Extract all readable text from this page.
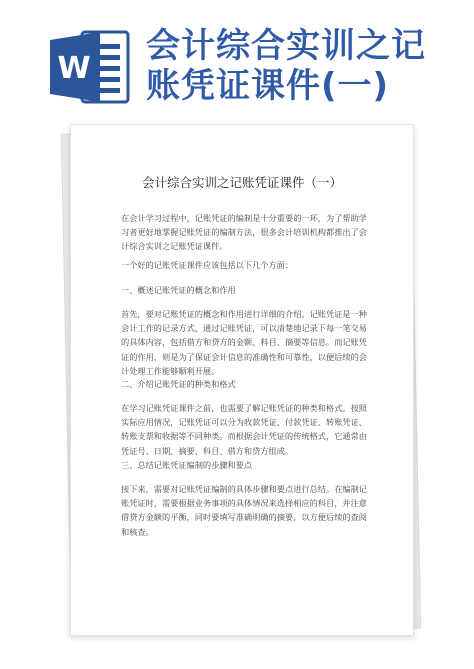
W
会计综合实训之记
账凭证课件(一)
会计综合实训之记账凭证课件（一）
在会计学习过程中，记账凭证的编制是十分重要的一环，为了帮助学习者更好地掌握记账凭证的编制方法，很多会计培训机构都推出了会计综合实训之记账凭证课件。
一个好的记账凭证课件应该包括以下几个方面：
一、概述记账凭证的概念和作用
首先，要对记账凭证的概念和作用进行详细的介绍。记账凭证是一种会计工作的记录方式，通过记账凭证，可以清楚地记录下每一笔交易的具体内容，包括借方和贷方的金额、科目、摘要等信息。而记账凭证的作用，则是为了保证会计信息的准确性和可靠性，以便后续的会计处理工作能够顺利开展。
二、介绍记账凭证的种类和格式
在学习记账凭证课件之前，也需要了解记账凭证的种类和格式。按照实际应用情况，记账凭证可以分为收款凭证、付款凭证、转账凭证、转账支票和收据等不同种类。而根据会计凭证的传统格式，它通常由凭证号、日期、摘要、科目、借方和贷方组成。
三、总结记账凭证编制的步骤和要点
接下来，需要对记账凭证编制的具体步骤和要点进行总结。在编制记账凭证时，需要根据业务事项的具体情况来选择相应的科目，并注意借贷方金额的平衡，同时要填写准确明确的摘要，以方便后续的查阅和核查。
